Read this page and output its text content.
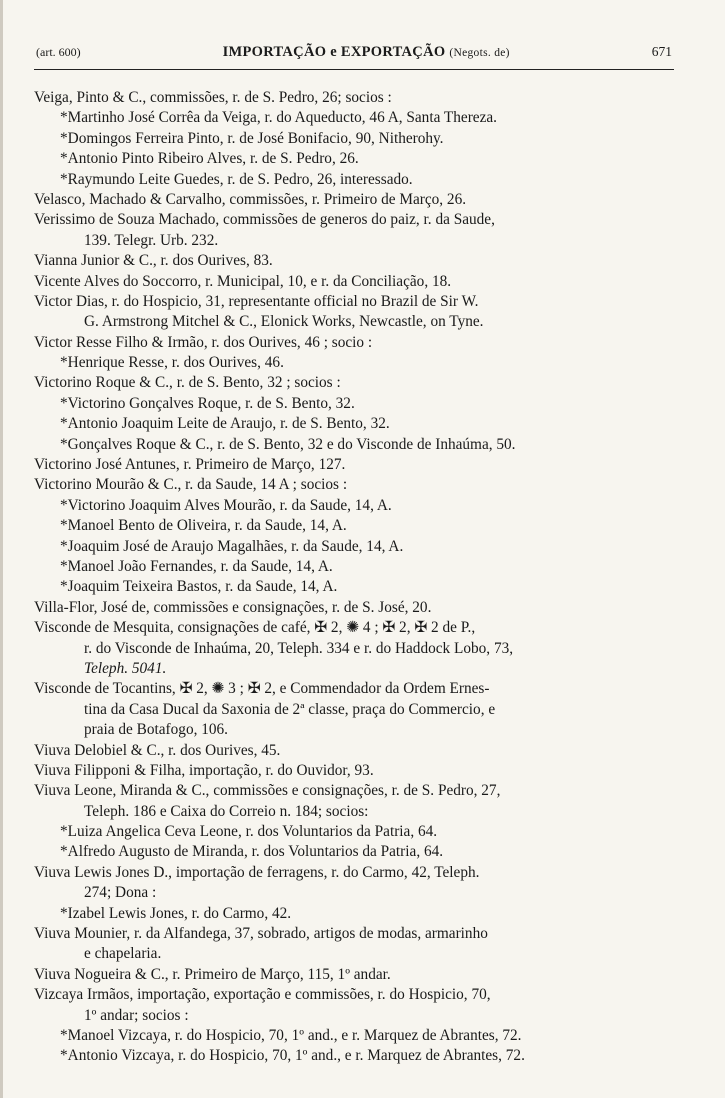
(art. 600)	IMPORTAÇÃO e EXPORTAÇÃO (Negots. de)	671
Veiga, Pinto & C., commissões, r. de S. Pedro, 26; socios :
*Martinho José Corrêa da Veiga, r. do Aqueducto, 46 A, Santa Thereza.
*Domingos Ferreira Pinto, r. de José Bonifacio, 90, Nitherohy.
*Antonio Pinto Ribeiro Alves, r. de S. Pedro, 26.
*Raymundo Leite Guedes, r. de S. Pedro, 26, interessado.
Velasco, Machado & Carvalho, commissões, r. Primeiro de Março, 26.
Verissimo de Souza Machado, commissões de generos do paiz, r. da Saude,
139. Telegr. Urb. 232.
Vianna Junior & C., r. dos Ourives, 83.
Vicente Alves do Soccorro, r. Municipal, 10, e r. da Conciliação, 18.
Victor Dias, r. do Hospicio, 31, representante official no Brazil de Sir W.
G. Armstrong Mitchel & C., Elonick Works, Newcastle, on Tyne.
Victor Resse Filho & Irmão, r. dos Ourives, 46 ; socio :
*Henrique Resse, r. dos Ourives, 46.
Victorino Roque & C., r. de S. Bento, 32 ; socios :
*Victorino Gonçalves Roque, r. de S. Bento, 32.
*Antonio Joaquim Leite de Araujo, r. de S. Bento, 32.
*Gonçalves Roque & C., r. de S. Bento, 32 e do Visconde de Inhaúma, 50.
Victorino José Antunes, r. Primeiro de Março, 127.
Victorino Mourão & C., r. da Saude, 14 A ; socios :
*Victorino Joaquim Alves Mourão, r. da Saude, 14, A.
*Manoel Bento de Oliveira, r. da Saude, 14, A.
*Joaquim José de Araujo Magalhães, r. da Saude, 14, A.
*Manoel João Fernandes, r. da Saude, 14, A.
*Joaquim Teixeira Bastos, r. da Saude, 14, A.
Villa-Flor, José de, commissões e consignações, r. de S. José, 20.
Visconde de Mesquita, consignações de café, ✠ 2, ✺ 4 ; ✠ 2, ✠ 2 de P.,
r. do Visconde de Inhaúma, 20, Teleph. 334 e r. do Haddock Lobo, 73,
Teleph. 5041.
Visconde de Tocantins, ✠ 2, ✺ 3 ; ✠ 2, e Commendador da Ordem Ernes-
tina da Casa Ducal da Saxonia de 2ª classe, praça do Commercio, e
praia de Botafogo, 106.
Viuva Delobiel & C., r. dos Ourives, 45.
Viuva Filipponi & Filha, importação, r. do Ouvidor, 93.
Viuva Leone, Miranda & C., commissões e consignações, r. de S. Pedro, 27,
Teleph. 186 e Caixa do Correio n. 184; socios:
*Luiza Angelica Ceva Leone, r. dos Voluntarios da Patria, 64.
*Alfredo Augusto de Miranda, r. dos Voluntarios da Patria, 64.
Viuva Lewis Jones D., importação de ferragens, r. do Carmo, 42, Teleph.
274; Dona :
*Izabel Lewis Jones, r. do Carmo, 42.
Viuva Mounier, r. da Alfandega, 37, sobrado, artigos de modas, armarinho
e chapelaria.
Viuva Nogueira & C., r. Primeiro de Março, 115, 1º andar.
Vizcaya Irmãos, importação, exportação e commissões, r. do Hospicio, 70,
1º andar; socios :
*Manoel Vizcaya, r. do Hospicio, 70, 1º and., e r. Marquez de Abrantes, 72.
*Antonio Vizcaya, r. do Hospicio, 70, 1º and., e r. Marquez de Abrantes, 72.
